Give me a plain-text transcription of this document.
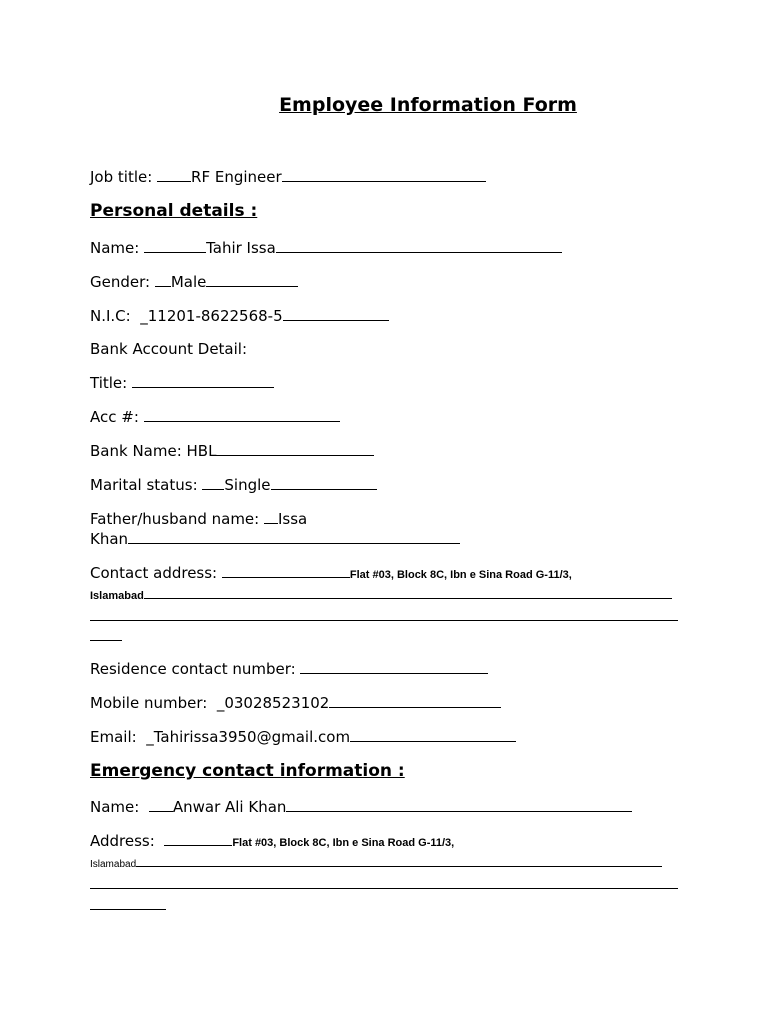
Employee Information Form
Job title: RF Engineer
Personal details :
Name:	Tahir Issa
Gender: Male
N.I.C:  _11201-8622568-5
Bank Account Detail:
Title:
Acc #:
Bank Name: HBL
Marital status: Single
Father/husband name: Issa
Khan
Contact address:	Flat #03, Block 8C, Ibn e Sina Road G-11/3,
Islamabad
Residence contact number:
Mobile number:  _03028523102
Email:  _Tahirissa3950@gmail.com
Emergency contact information :
Name:  Anwar Ali Khan
Address:	Flat #03, Block 8C, Ibn e Sina Road G-11/3,
Islamabad
